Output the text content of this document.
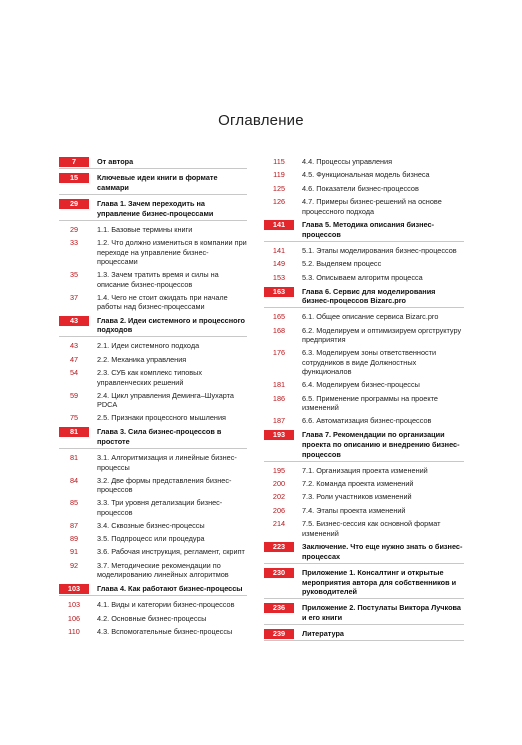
Оглавление
7	От автора
15	Ключевые идеи книги в формате саммари
29	Глава 1. Зачем переходить на управление бизнес-процессами
29	1.1. Базовые термины книги
33	1.2. Что должно измениться в компании при переходе на управление бизнес-процессами
35	1.3. Зачем тратить время и силы на описание бизнес-процессов
37	1.4. Чего не стоит ожидать при начале работы над бизнес-процессами
43	Глава 2. Идеи системного и процессного подходов
43	2.1. Идеи системного подхода
47	2.2. Механика управления
54	2.3. СУБ как комплекс типовых управленческих решений
59	2.4. Цикл управления Деминга–Шухарта PDCA
75	2.5. Признаки процессного мышления
81	Глава 3. Сила бизнес-процессов в простоте
81	3.1. Алгоритмизация и линейные бизнес-процессы
84	3.2. Две формы представления бизнес-процессов
85	3.3. Три уровня детализации бизнес-процессов
87	3.4. Сквозные бизнес-процессы
89	3.5. Подпроцесс или процедура
91	3.6. Рабочая инструкция, регламент, скрипт
92	3.7. Методические рекомендации по моделированию линейных алгоритмов
103	Глава 4. Как работают бизнес-процессы
103	4.1. Виды и категории бизнес-процессов
106	4.2. Основные бизнес-процессы
110	4.3. Вспомогательные бизнес-процессы
115	4.4. Процессы управления
119	4.5. Функциональная модель бизнеса
125	4.6. Показатели бизнес-процессов
126	4.7. Примеры бизнес-решений на основе процессного подхода
141	Глава 5. Методика описания бизнес-процессов
141	5.1. Этапы моделирования бизнес-процессов
149	5.2. Выделяем процесс
153	5.3. Описываем алгоритм процесса
163	Глава 6. Сервис для моделирования бизнес-процессов Bizarc.pro
165	6.1. Общее описание сервиса Bizarc.pro
168	6.2. Моделируем и оптимизируем оргструктуру предприятия
176	6.3. Моделируем зоны ответственности сотрудников в виде Должностных функционалов
181	6.4. Моделируем бизнес-процессы
186	6.5. Применение программы на проекте изменений
187	6.6. Автоматизация бизнес-процессов
193	Глава 7. Рекомендации по организации проекта по описанию и внедрению бизнес-процессов
195	7.1. Организация проекта изменений
200	7.2. Команда проекта изменений
202	7.3. Роли участников изменений
206	7.4. Этапы проекта изменений
214	7.5. Бизнес-сессия как основной формат изменений
223	Заключение. Что еще нужно знать о бизнес-процессах
230	Приложение 1. Консалтинг и открытые мероприятия автора для собственников и руководителей
236	Приложение 2. Постулаты Виктора Лучкова и его книги
239	Литература
